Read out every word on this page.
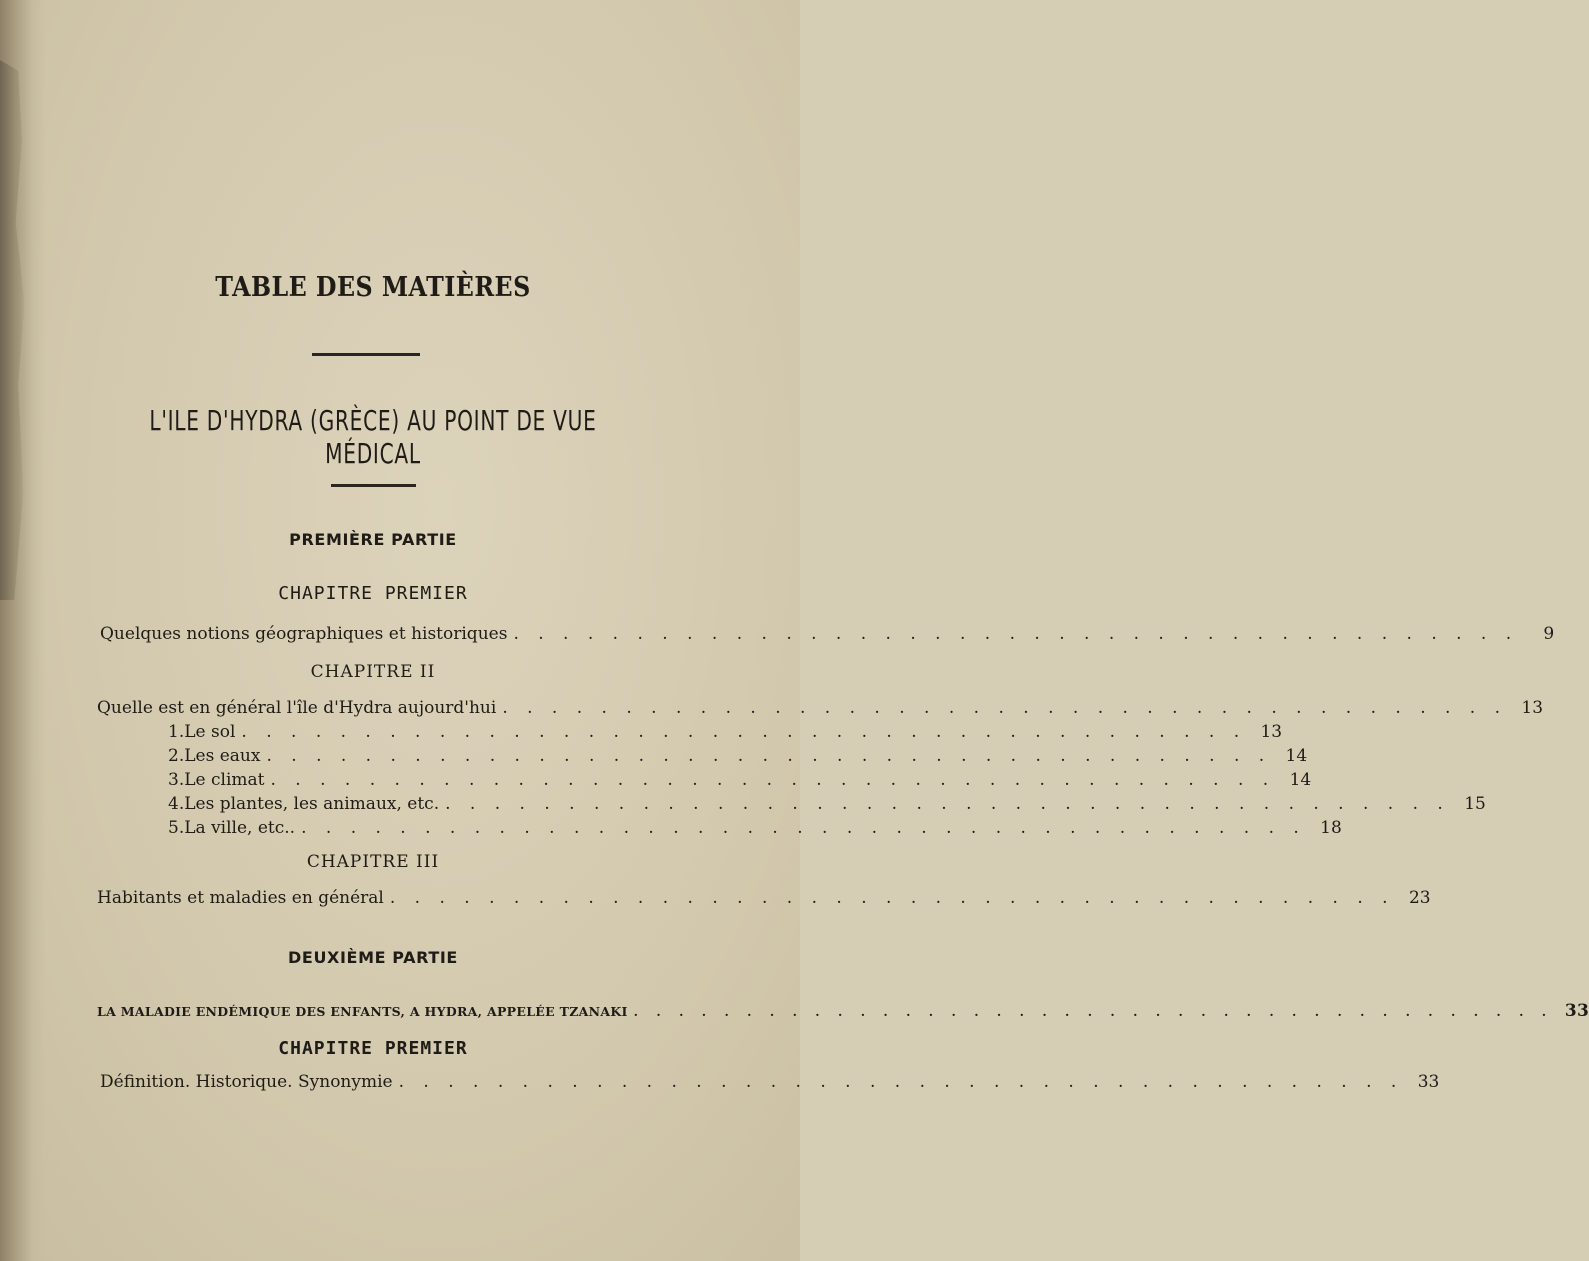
TABLE DES MATIÈRES
L'ILE D'HYDRA (GRÈCE) AU POINT DE VUE MÉDICAL
PREMIÈRE PARTIE
CHAPITRE PREMIER
Quelques notions géographiques et historiques . . . . . . . . . . . . . . . . . . . . . . . . . . . . . . . . . . . . . . . . .	9
CHAPITRE II
Quelle est en général l'île d'Hydra aujourd'hui . . . . . . . . . . . . . . . . . . . . . . . . . . . . . . . . . . . . . . . . . 13
1. Le sol . . . . . . . . . . . . . . . . . . . . . . . . . . . . . . . . . . . . . . . . . 13
2. Les eaux . . . . . . . . . . . . . . . . . . . . . . . . . . . . . . . . . . . . . . . . . 14
3. Le climat . . . . . . . . . . . . . . . . . . . . . . . . . . . . . . . . . . . . . . . . . 14
4. Les plantes, les animaux, etc. . . . . . . . . . . . . . . . . . . . . . . . . . . . . . . . . . . . . . . . . . 15
5. La ville, etc.. . . . . . . . . . . . . . . . . . . . . . . . . . . . . . . . . . . . . . . . . . 18
CHAPITRE III
Habitants et maladies en général . . . . . . . . . . . . . . . . . . . . . . . . . . . . . . . . . . . . . . . . . 23
DEUXIÈME PARTIE
LA MALADIE ENDÉMIQUE DES ENFANTS, A HYDRA, APPELÉE TZANAKI . . . . . . . . . . . . . . . . . . . . . . . . . . . . . . . . . . . . . . . . . 33
CHAPITRE PREMIER
Définition. Historique. Synonymie . . . . . . . . . . . . . . . . . . . . . . . . . . . . . . . . . . . . . . . . . 33
